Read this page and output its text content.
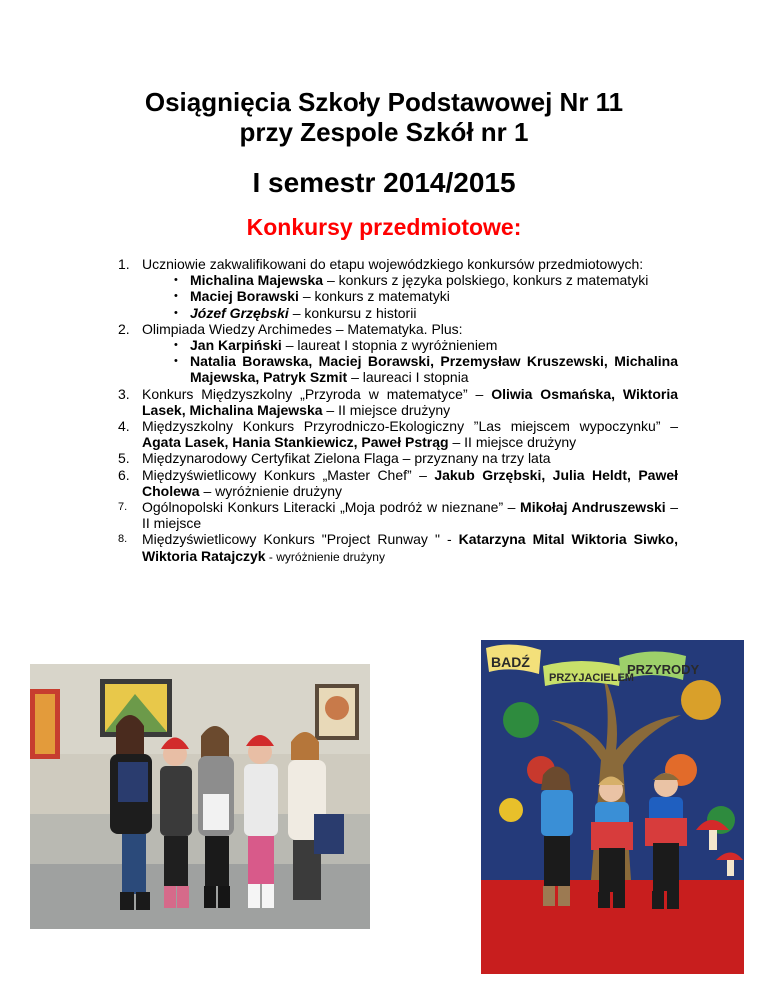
Osiągnięcia Szkoły Podstawowej Nr 11
przy Zespole Szkół nr 1
I semestr 2014/2015
Konkursy przedmiotowe:
1. Uczniowie zakwalifikowani do etapu wojewódzkiego konkursów przedmiotowych:
• Michalina Majewska – konkurs z języka polskiego, konkurs z matematyki
• Maciej Borawski – konkurs z matematyki
• Józef Grzębski – konkursu z historii
2. Olimpiada Wiedzy Archimedes – Matematyka. Plus:
• Jan Karpiński – laureat I stopnia z wyróżnieniem
• Natalia Borawska, Maciej Borawski, Przemysław Kruszewski, Michalina Majewska, Patryk Szmit – laureaci I stopnia
3. Konkurs Międzyszkolny „Przyroda w matematyce” – Oliwia Osmańska, Wiktoria Lasek, Michalina Majewska – II miejsce drużyny
4. Międzyszkolny Konkurs Przyrodniczo-Ekologiczny ”Las miejscem wypoczynku” – Agata Lasek, Hania Stankiewicz, Paweł Pstrąg – II miejsce drużyny
5. Międzynarodowy Certyfikat Zielona Flaga – przyznany na trzy lata
6. Międzyświetlicowy Konkurs „Master Chef” – Jakub Grzębski, Julia Heldt, Paweł Cholewa – wyróżnienie drużyny
7. Ogólnopolski Konkurs Literacki „Moja podróż w nieznane” – Mikołaj Andruszewski – II miejsce
8. Międzyświetlicowy Konkurs "Project Runway " - Katarzyna Mital Wiktoria Siwko, Wiktoria Ratajczyk - wyróżnienie drużyny
BADŹ
PRZYJACIELEM
PRZYRODY
